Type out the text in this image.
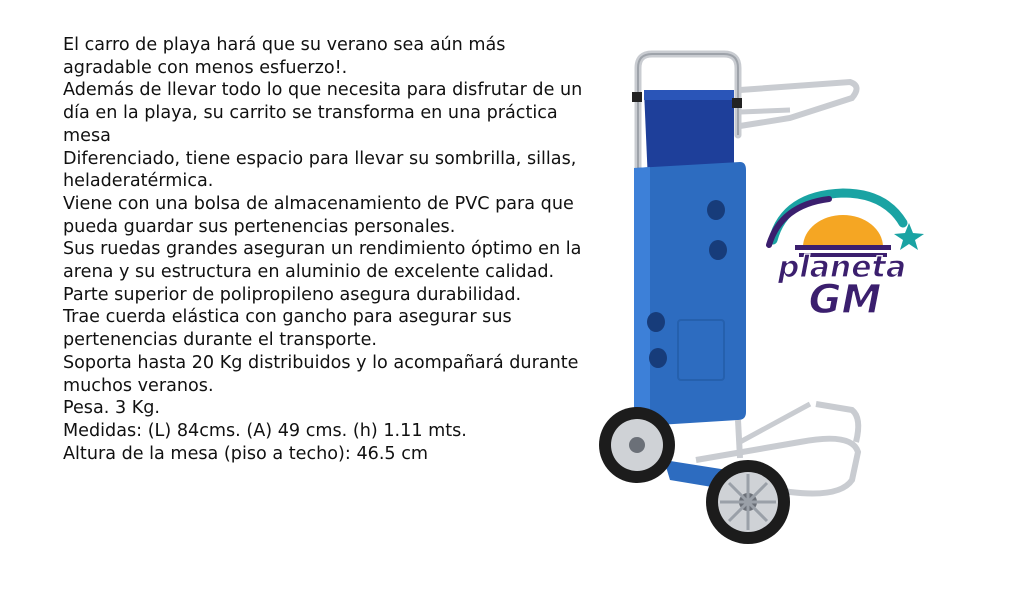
El carro de playa hará que su verano sea aún más agradable con menos esfuerzo!.

Además de llevar todo lo que necesita para disfrutar de un día en la playa, su carrito se transforma en una práctica mesa

Diferenciado, tiene espacio para llevar su sombrilla, sillas, heladeratérmica.

Viene con una bolsa de almacenamiento de PVC para que pueda guardar sus pertenencias personales.

Sus ruedas grandes aseguran un rendimiento óptimo en la arena y su estructura en aluminio de excelente calidad.

Parte superior de polipropileno asegura durabilidad.

Trae cuerda elástica con gancho para asegurar sus pertenencias durante el transporte.

Soporta hasta 20 Kg distribuidos y lo acompañará durante muchos veranos.

Pesa. 3 Kg.

Medidas: (L) 84cms. (A) 49 cms. (h) 1.11 mts.

Altura de la mesa (piso a techo): 46.5 cm

planeta
GM
